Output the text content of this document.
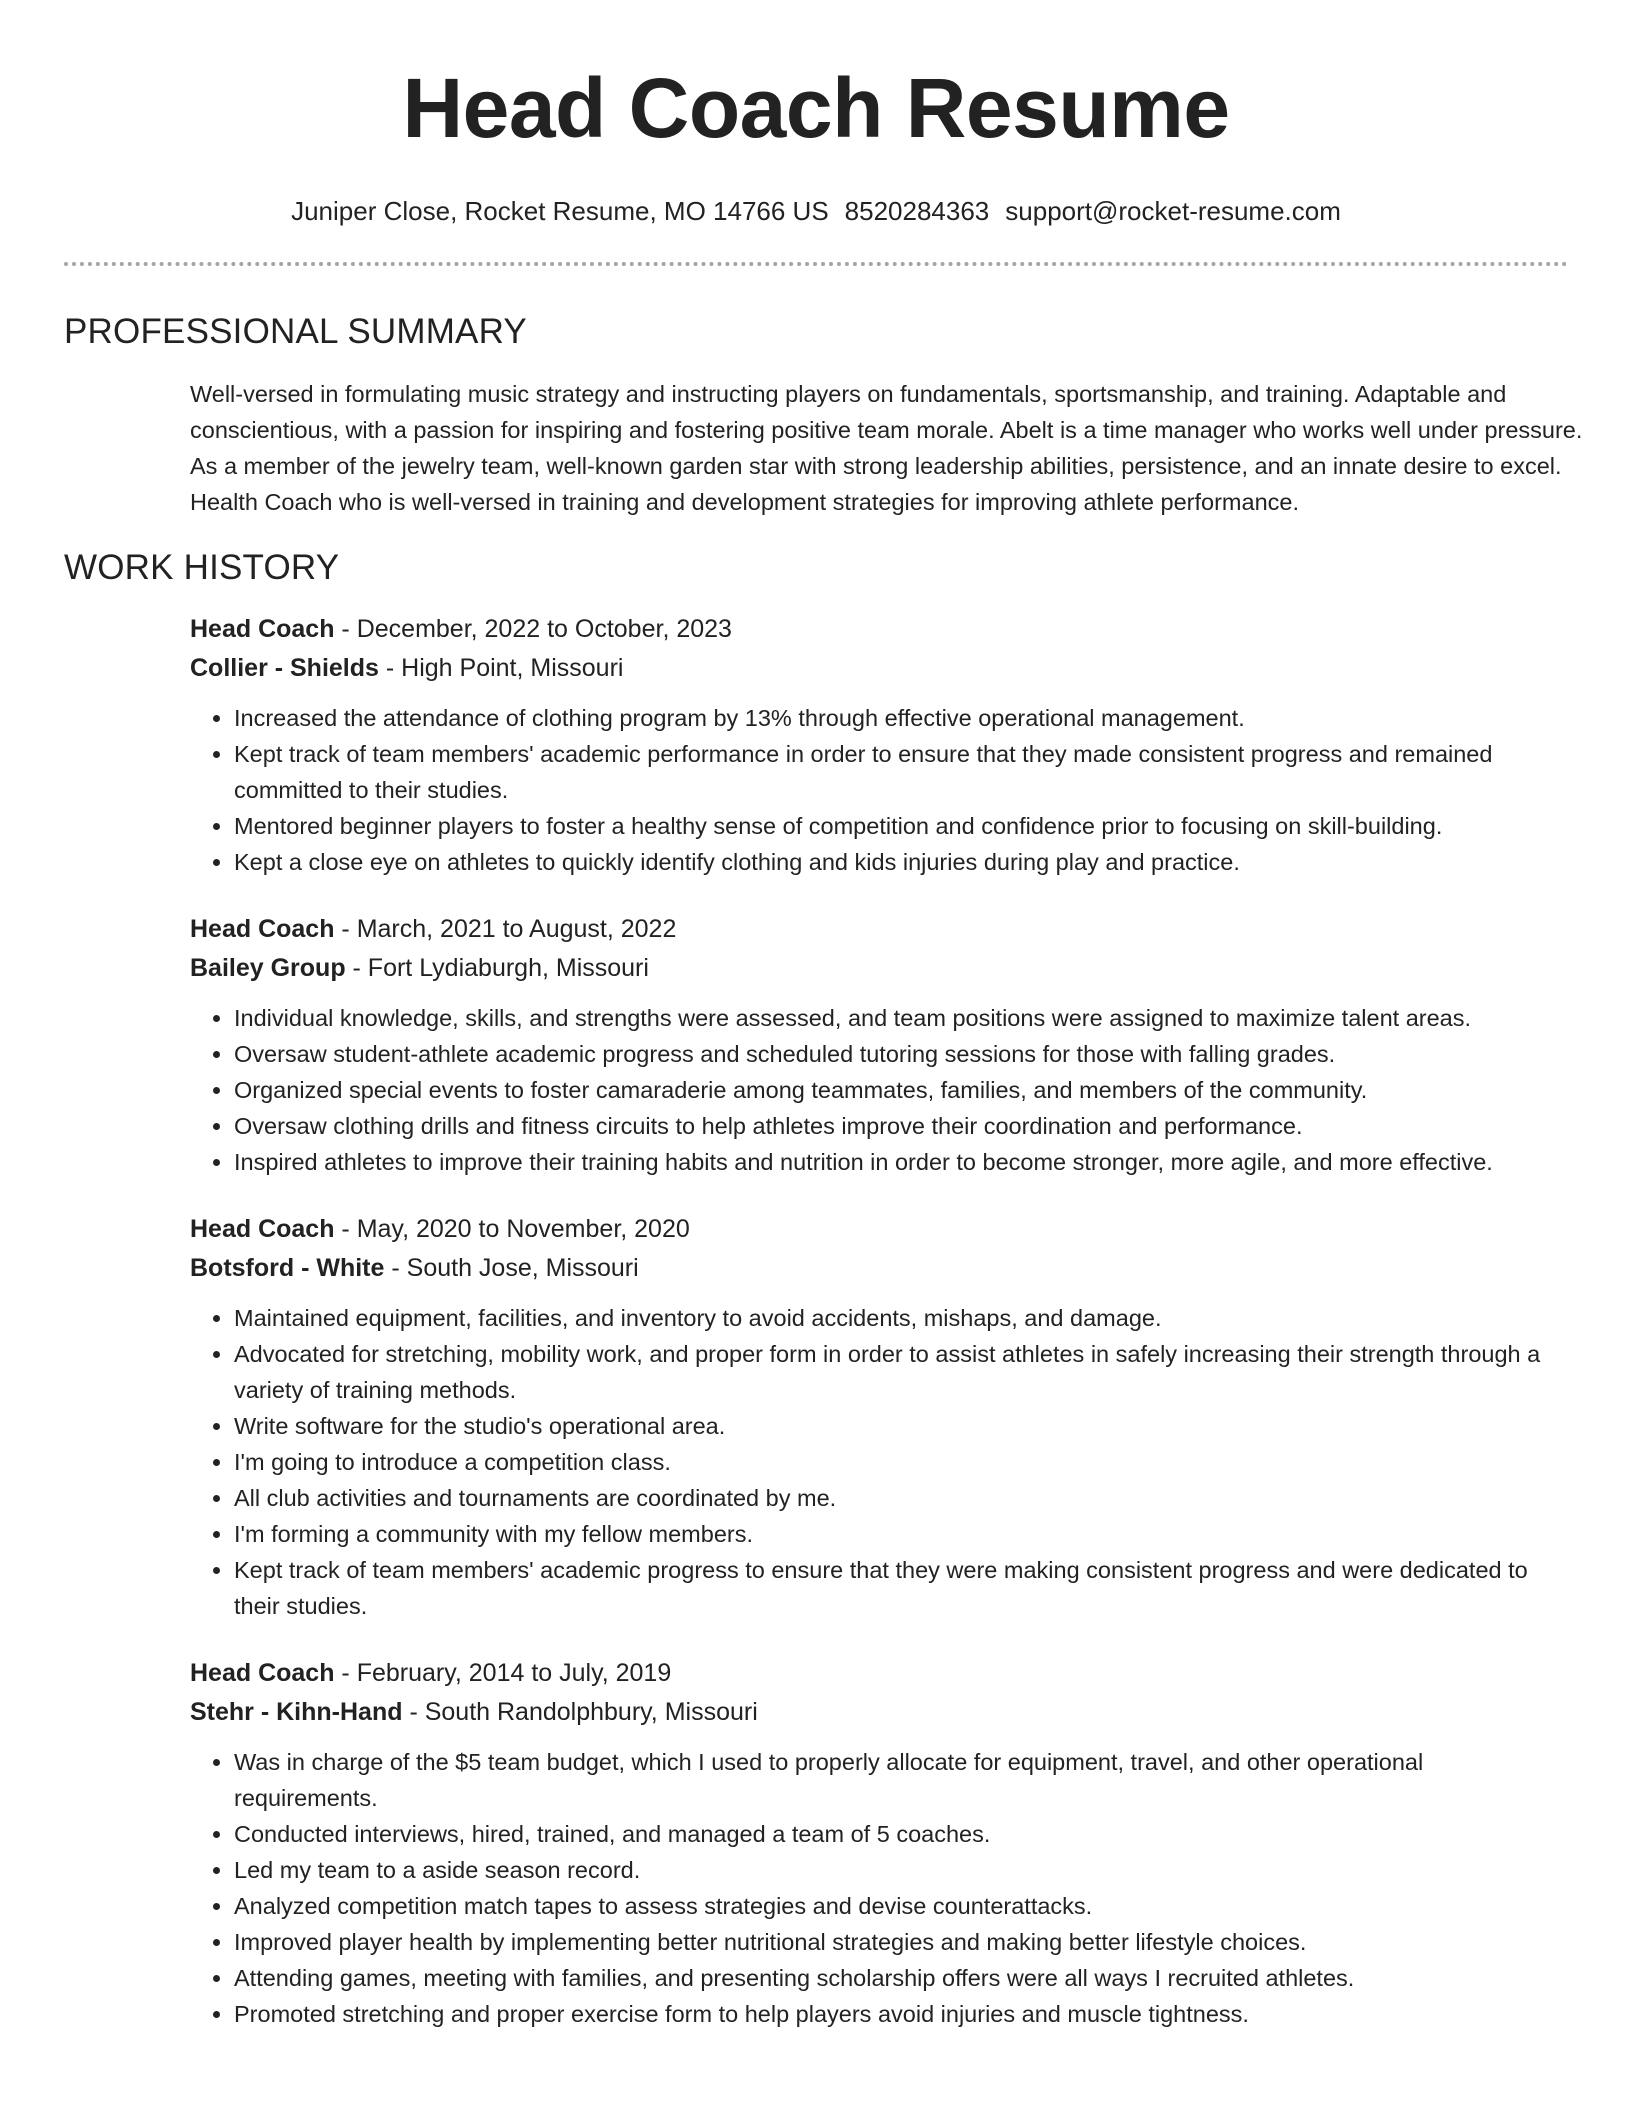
Head Coach Resume
Juniper Close, Rocket Resume, MO 14766 US 8520284363 support@rocket-resume.com
PROFESSIONAL SUMMARY

Well-versed in formulating music strategy and instructing players on fundamentals, sportsmanship, and training. Adaptable and conscientious, with a passion for inspiring and fostering positive team morale. Abelt is a time manager who works well under pressure. As a member of the jewelry team, well-known garden star with strong leadership abilities, persistence, and an innate desire to excel. Health Coach who is well-versed in training and development strategies for improving athlete performance.

WORK HISTORY
Head Coach - December, 2022 to October, 2023
Collier - Shields - High Point, Missouri
• Increased the attendance of clothing program by 13% through effective operational management.
• Kept track of team members' academic performance in order to ensure that they made consistent progress and remained committed to their studies.
• Mentored beginner players to foster a healthy sense of competition and confidence prior to focusing on skill-building.
• Kept a close eye on athletes to quickly identify clothing and kids injuries during play and practice.
Head Coach - March, 2021 to August, 2022
Bailey Group - Fort Lydiaburgh, Missouri
• Individual knowledge, skills, and strengths were assessed, and team positions were assigned to maximize talent areas.
• Oversaw student-athlete academic progress and scheduled tutoring sessions for those with falling grades.
• Organized special events to foster camaraderie among teammates, families, and members of the community.
• Oversaw clothing drills and fitness circuits to help athletes improve their coordination and performance.
• Inspired athletes to improve their training habits and nutrition in order to become stronger, more agile, and more effective.
Head Coach - May, 2020 to November, 2020
Botsford - White - South Jose, Missouri
• Maintained equipment, facilities, and inventory to avoid accidents, mishaps, and damage.
• Advocated for stretching, mobility work, and proper form in order to assist athletes in safely increasing their strength through a variety of training methods.
• Write software for the studio's operational area.
• I'm going to introduce a competition class.
• All club activities and tournaments are coordinated by me.
• I'm forming a community with my fellow members.
• Kept track of team members' academic progress to ensure that they were making consistent progress and were dedicated to their studies.
Head Coach - February, 2014 to July, 2019
Stehr - Kihn-Hand - South Randolphbury, Missouri
• Was in charge of the $5 team budget, which I used to properly allocate for equipment, travel, and other operational requirements.
• Conducted interviews, hired, trained, and managed a team of 5 coaches.
• Led my team to a aside season record.
• Analyzed competition match tapes to assess strategies and devise counterattacks.
• Improved player health by implementing better nutritional strategies and making better lifestyle choices.
• Attending games, meeting with families, and presenting scholarship offers were all ways I recruited athletes.
• Promoted stretching and proper exercise form to help players avoid injuries and muscle tightness.
